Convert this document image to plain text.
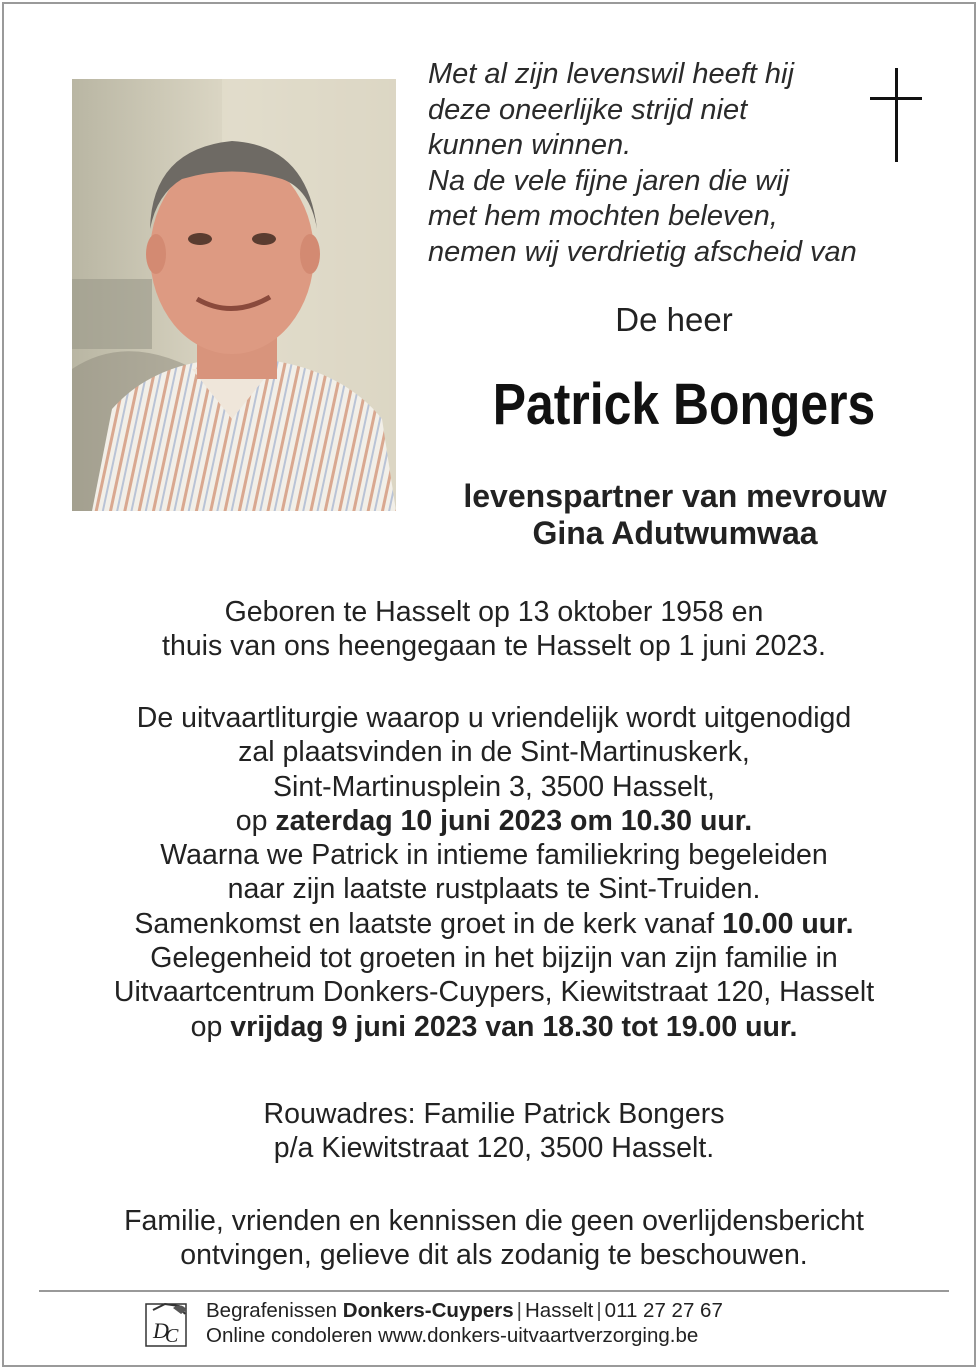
Met al zijn levenswil heeft hij
deze oneerlijke strijd niet
kunnen winnen.
Na de vele fijne jaren die wij
met hem mochten beleven,
nemen wij verdrietig afscheid van
De heer
Patrick Bongers
levenspartner van mevrouw
Gina Adutwumwaa
Geboren te Hasselt op 13 oktober 1958 en
thuis van ons heengegaan te Hasselt op 1 juni 2023.
De uitvaartliturgie waarop u vriendelijk wordt uitgenodigd
zal plaatsvinden in de Sint-Martinuskerk,
Sint-Martinusplein 3, 3500 Hasselt,
op zaterdag 10 juni 2023 om 10.30 uur.
Waarna we Patrick in intieme familiekring begeleiden
naar zijn laatste rustplaats te Sint-Truiden.
Samenkomst en laatste groet in de kerk vanaf 10.00 uur.
Gelegenheid tot groeten in het bijzijn van zijn familie in
Uitvaartcentrum Donkers-Cuypers, Kiewitstraat 120, Hasselt
op vrijdag 9 juni 2023 van 18.30 tot 19.00 uur.
Rouwadres: Familie Patrick Bongers
p/a Kiewitstraat 120, 3500 Hasselt.
Familie, vrienden en kennissen die geen overlijdensbericht
ontvingen, gelieve dit als zodanig te beschouwen.
D
C
Begrafenissen Donkers-Cuypers | Hasselt | 011 27 27 67
Online condoleren www.donkers-uitvaartverzorging.be
